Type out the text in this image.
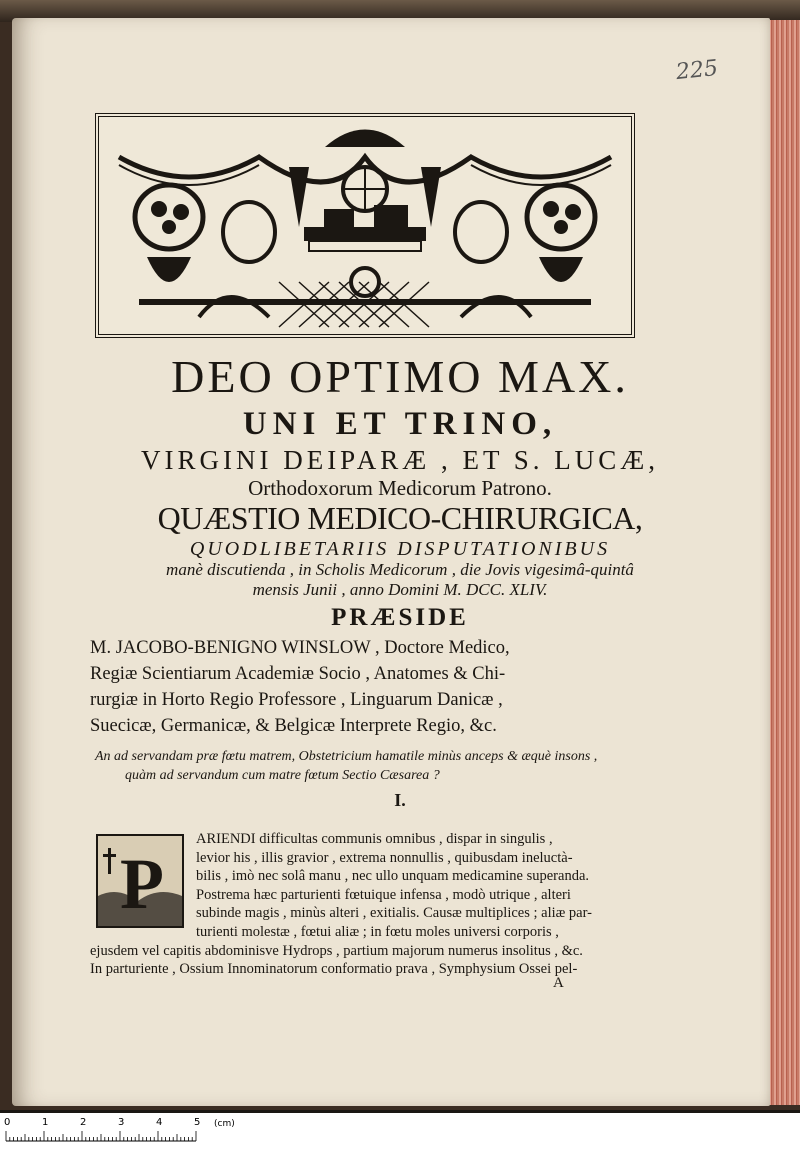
225
DEO OPTIMO MAX.
UNI ET TRINO,
VIRGINI DEIPARÆ , ET S. LUCÆ,
Orthodoxorum Medicorum Patrono.
QUÆSTIO MEDICO-CHIRURGICA,
QUODLIBETARIIS DISPUTATIONIBUS
manè discutienda , in Scholis Medicorum , die Jovis vigesimâ-quintâ
mensis Junii , anno Domini M. DCC. XLIV.
PRÆSIDE
M. JACOBO-BENIGNO WINSLOW , Doctore Medico,
Regiæ Scientiarum Academiæ Socio , Anatomes & Chi-
rurgiæ in Horto Regio Professore , Linguarum Danicæ ,
Suecicæ, Germanicæ, & Belgicæ Interprete Regio, &c.
An ad servandam præ fœtu matrem, Obstetricium hamatile minùs anceps & æquè insons ,
quàm ad servandum cum matre fœtum Sectio Cæsarea ?
I.
P
ARIENDI difficultas communis omnibus , dispar in singulis ,
levior his , illis gravior , extrema nonnullis , quibusdam ineluctà-
bilis , imò nec solâ manu , nec ullo unquam medicamine superanda.
Postrema hæc parturienti fœtuique infensa , modò utrique , alteri
subinde magis , minùs alteri , exitialis. Causæ multiplices ; aliæ par-
turienti molestæ , fœtui aliæ ; in fœtu moles universi corporis ,
ejusdem vel capitis abdominisve Hydrops , partium majorum numerus insolitus , &c.
In parturiente , Ossium Innominatorum conformatio prava , Symphysium Ossei pel-
A
0	1	2	3	4	5 (cm)
